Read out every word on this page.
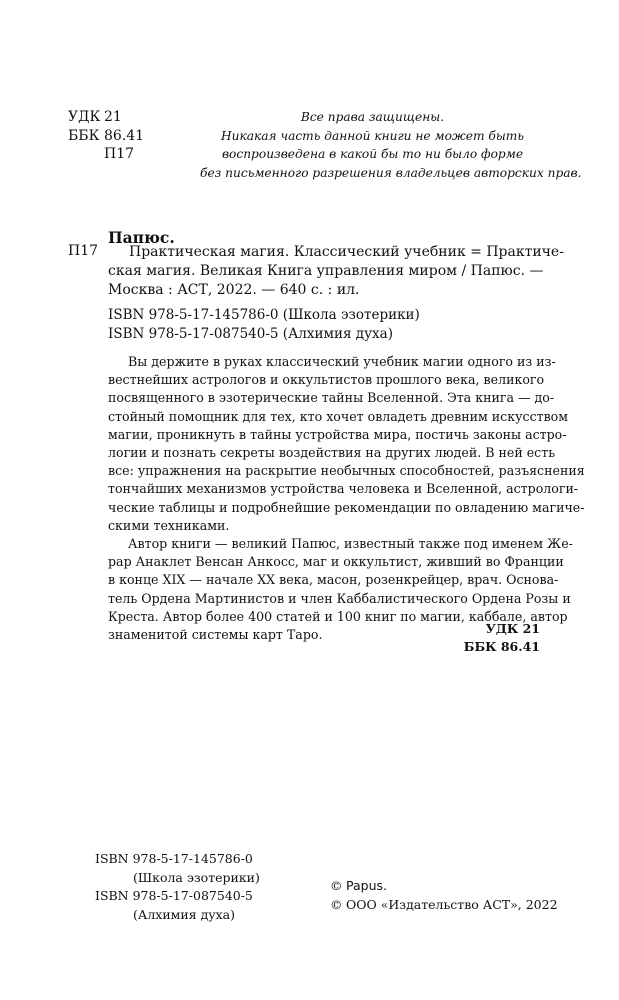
УДК 21
ББК 86.41
П17
Все права защищены.
Никакая часть данной книги не может быть
воспроизведена в какой бы то ни было форме
без письменного разрешения владельцев авторских прав.
Папюс.
П17	Практическая магия. Классический учебник = Практиче-
ская магия. Великая Книга управления миром / Папюс. —
Москва : АСТ, 2022. — 640 с. : ил.
ISBN 978-5-17-145786-0 (Школа эзотерики)
ISBN 978-5-17-087540-5 (Алхимия духа)
Вы держите в руках классический учебник магии одного из из-
вестнейших астрологов и оккультистов прошлого века, великого
посвященного в эзотерические тайны Вселенной. Эта книга — до-
стойный помощник для тех, кто хочет овладеть древним искусством
магии, проникнуть в тайны устройства мира, постичь законы астро-
логии и познать секреты воздействия на других людей. В ней есть
все: упражнения на раскрытие необычных способностей, разъяснения
тончайших механизмов устройства человека и Вселенной, астрологи-
ческие таблицы и подробнейшие рекомендации по овладению магиче-
скими техниками.
Автор книги — великий Папюс, известный также под именем Же-
рар Анаклет Венсан Анкосс, маг и оккультист, живший во Франции
в конце XIX — начале XX века, масон, розенкрейцер, врач. Основа-
тель Ордена Мартинистов и член Каббалистического Ордена Розы и
Креста. Автор более 400 статей и 100 книг по магии, каббале, автор
знаменитой системы карт Таро.	УДК 21
ББК 86.41
ISBN 978-5-17-145786-0
(Школа эзотерики)
ISBN 978-5-17-087540-5
(Алхимия духа)
© Papus.
© ООО «Издательство АСТ», 2022
